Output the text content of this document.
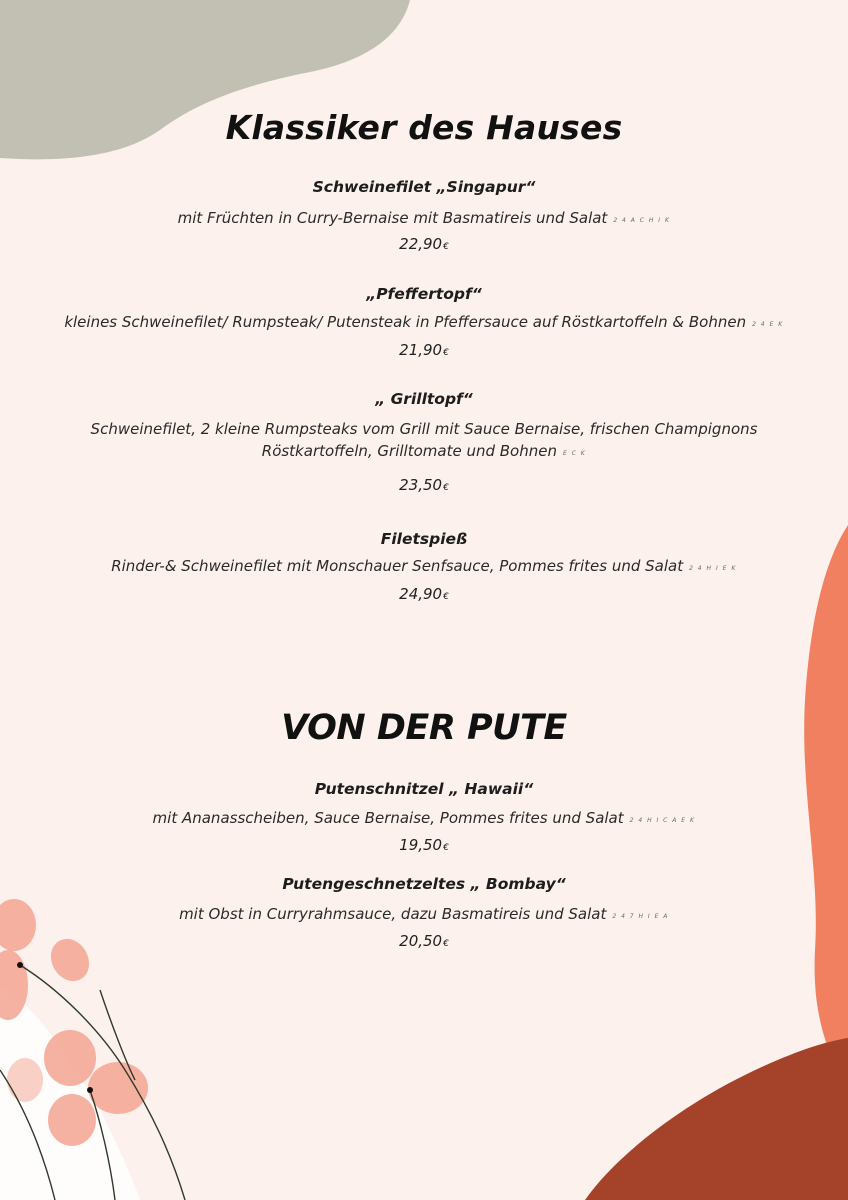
Klassiker des Hauses
Schweinefilet „Singapur“
mit Früchten in Curry-Bernaise mit Basmatireis und Salat 2 4 A C H I K
22,90€
„Pfeffertopf“
kleines Schweinefilet/ Rumpsteak/ Putensteak in Pfeffersauce auf Röstkartoffeln & Bohnen 2 4 E K
21,90€
„ Grilltopf“
Schweinefilet, 2 kleine Rumpsteaks vom Grill mit Sauce Bernaise, frischen Champignons
Röstkartoffeln, Grilltomate und Bohnen E C K
23,50€
Filetspieß
Rinder-& Schweinefilet mit Monschauer Senfsauce, Pommes frites und Salat 2 4 H I E K
24,90€
VON DER PUTE
Putenschnitzel „ Hawaii“
mit Ananasscheiben, Sauce Bernaise, Pommes frites und Salat 2 4 H I C A E K
19,50€
Putengeschnetzeltes „ Bombay“
mit Obst in Curryrahmsauce, dazu Basmatireis und Salat 2 4 7 H I E A
20,50€
